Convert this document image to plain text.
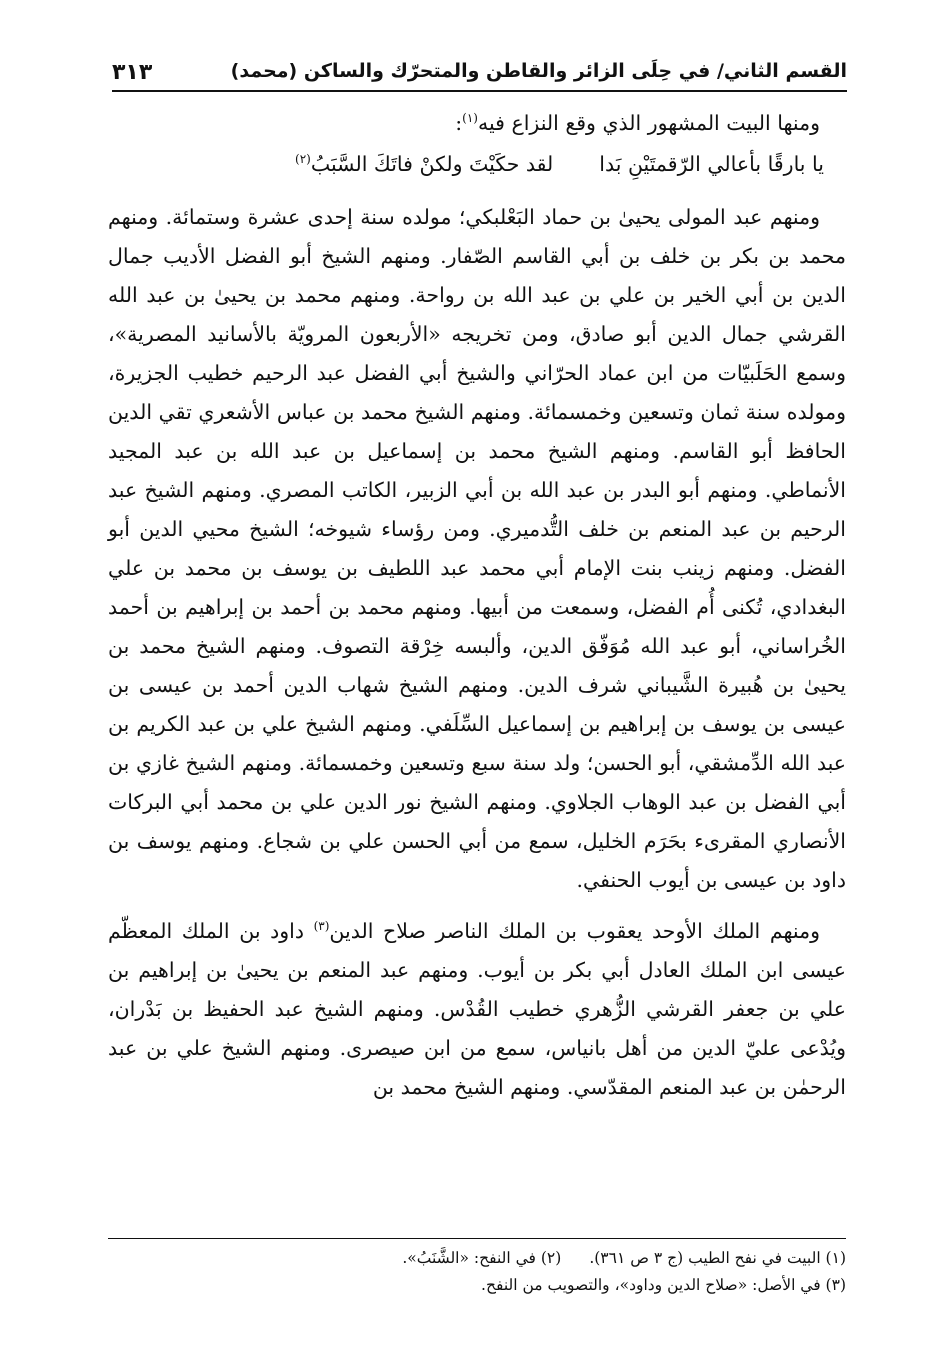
القسم الثاني/ في حِلَى الزائر والقاطن والمتحرّك والساكن (محمد)
٣١٣

ومنها البيت المشهور الذي وقع النزاع فيه$^{(١)}$:

يا بارقًا بأعالي الرّقمتَيْنِ بَدا
لقد حكَيْتَ ولكنْ فاتَكَ السَّبَبُ$^{(٢)}$

ومنهم عبد المولى يحيىٰ بن حماد البَعْلبكي؛ مولده سنة إحدى عشرة وستمائة. ومنهم محمد بن بكر بن خلف بن أبي القاسم الصّفار. ومنهم الشيخ أبو الفضل الأديب جمال الدين بن أبي الخير بن علي بن عبد الله بن رواحة. ومنهم محمد بن يحيىٰ بن عبد الله القرشي جمال الدين أبو صادق، ومن تخريجه «الأربعون المرويّة بالأسانيد المصرية»، وسمع الحَلَبيّات من ابن عماد الحرّاني والشيخ أبي الفضل عبد الرحيم خطيب الجزيرة، ومولده سنة ثمان وتسعين وخمسمائة. ومنهم الشيخ محمد بن عباس الأشعري تقي الدين الحافظ أبو القاسم. ومنهم الشيخ محمد بن إسماعيل بن عبد الله بن عبد المجيد الأنماطي. ومنهم أبو البدر بن عبد الله بن أبي الزبير، الكاتب المصري. ومنهم الشيخ عبد الرحيم بن عبد المنعم بن خلف التُّدميري. ومن رؤساء شيوخه؛ الشيخ محيي الدين أبو الفضل. ومنهم زينب بنت الإمام أبي محمد عبد اللطيف بن يوسف بن محمد بن علي البغدادي، تُكنى أُم الفضل، وسمعت من أبيها. ومنهم محمد بن أحمد بن إبراهيم بن أحمد الخُراساني، أبو عبد الله مُوَفّق الدين، وألبسه خِرْقة التصوف. ومنهم الشيخ محمد بن يحيىٰ بن هُبيرة الشَّيباني شرف الدين. ومنهم الشيخ شهاب الدين أحمد بن عيسى بن عيسى بن يوسف بن إبراهيم بن إسماعيل السِّلَفي. ومنهم الشيخ علي بن عبد الكريم بن عبد الله الدِّمشقي، أبو الحسن؛ ولد سنة سبع وتسعين وخمسمائة. ومنهم الشيخ غازي بن أبي الفضل بن عبد الوهاب الجلاوي. ومنهم الشيخ نور الدين علي بن محمد أبي البركات الأنصاري المقرىء بحَرَم الخليل، سمع من أبي الحسن علي بن شجاع. ومنهم يوسف بن داود بن عيسى بن أيوب الحنفي.

ومنهم الملك الأوحد يعقوب بن الملك الناصر صلاح الدين$^{(٣)}$ داود بن الملك المعظّم عيسى ابن الملك العادل أبي بكر بن أيوب. ومنهم عبد المنعم بن يحيىٰ بن إبراهيم بن علي بن جعفر القرشي الزُّهري خطيب القُدْس. ومنهم الشيخ عبد الحفيظ بن بَدْران، ويُدْعى عليّ الدين من أهل بانياس، سمع من ابن صيصرى. ومنهم الشيخ علي بن عبد الرحمٰن بن عبد المنعم المقدّسي. ومنهم الشيخ محمد بن

(١) البيت في نفح الطيب (ج ٣ ص ٣٦١).(٢) في النفح: «الشَّنَبُ».
(٣) في الأصل: «صلاح الدين وداود»، والتصويب من النفح.
